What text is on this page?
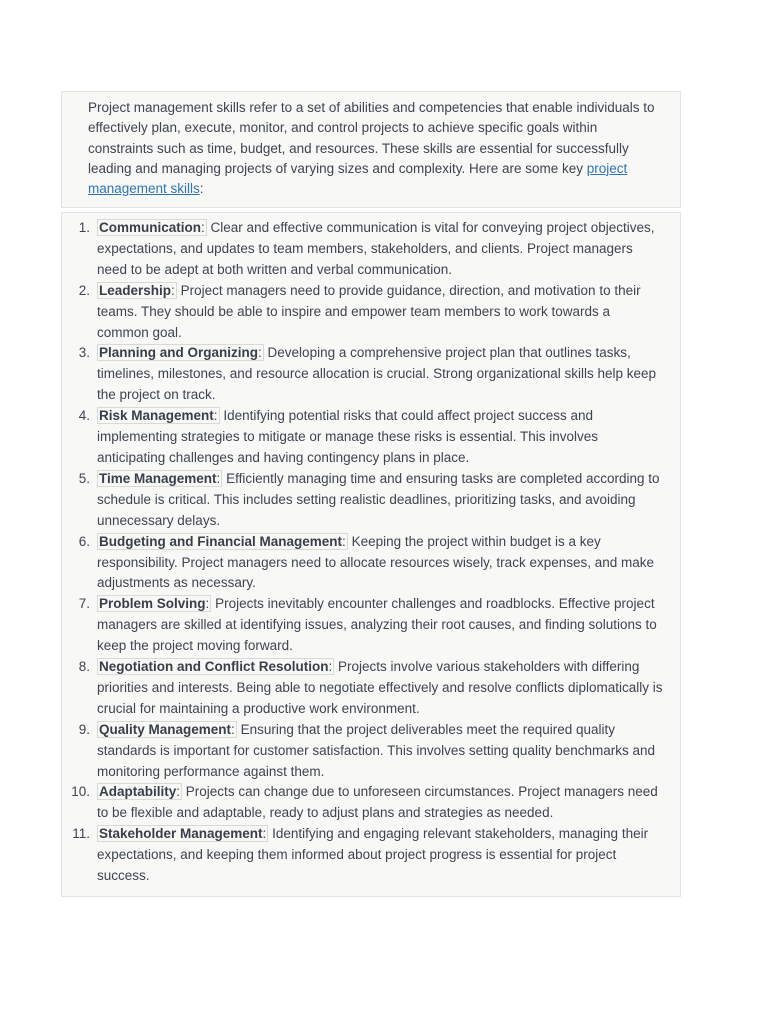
Project management skills refer to a set of abilities and competencies that enable individuals to effectively plan, execute, monitor, and control projects to achieve specific goals within constraints such as time, budget, and resources. These skills are essential for successfully leading and managing projects of varying sizes and complexity. Here are some key project management skills:

1. Communication: Clear and effective communication is vital for conveying project objectives, expectations, and updates to team members, stakeholders, and clients. Project managers need to be adept at both written and verbal communication.
2. Leadership: Project managers need to provide guidance, direction, and motivation to their teams. They should be able to inspire and empower team members to work towards a common goal.
3. Planning and Organizing: Developing a comprehensive project plan that outlines tasks, timelines, milestones, and resource allocation is crucial. Strong organizational skills help keep the project on track.
4. Risk Management: Identifying potential risks that could affect project success and implementing strategies to mitigate or manage these risks is essential. This involves anticipating challenges and having contingency plans in place.
5. Time Management: Efficiently managing time and ensuring tasks are completed according to schedule is critical. This includes setting realistic deadlines, prioritizing tasks, and avoiding unnecessary delays.
6. Budgeting and Financial Management: Keeping the project within budget is a key responsibility. Project managers need to allocate resources wisely, track expenses, and make adjustments as necessary.
7. Problem Solving: Projects inevitably encounter challenges and roadblocks. Effective project managers are skilled at identifying issues, analyzing their root causes, and finding solutions to keep the project moving forward.
8. Negotiation and Conflict Resolution: Projects involve various stakeholders with differing priorities and interests. Being able to negotiate effectively and resolve conflicts diplomatically is crucial for maintaining a productive work environment.
9. Quality Management: Ensuring that the project deliverables meet the required quality standards is important for customer satisfaction. This involves setting quality benchmarks and monitoring performance against them.
10. Adaptability: Projects can change due to unforeseen circumstances. Project managers need to be flexible and adaptable, ready to adjust plans and strategies as needed.
11. Stakeholder Management: Identifying and engaging relevant stakeholders, managing their expectations, and keeping them informed about project progress is essential for project success.
